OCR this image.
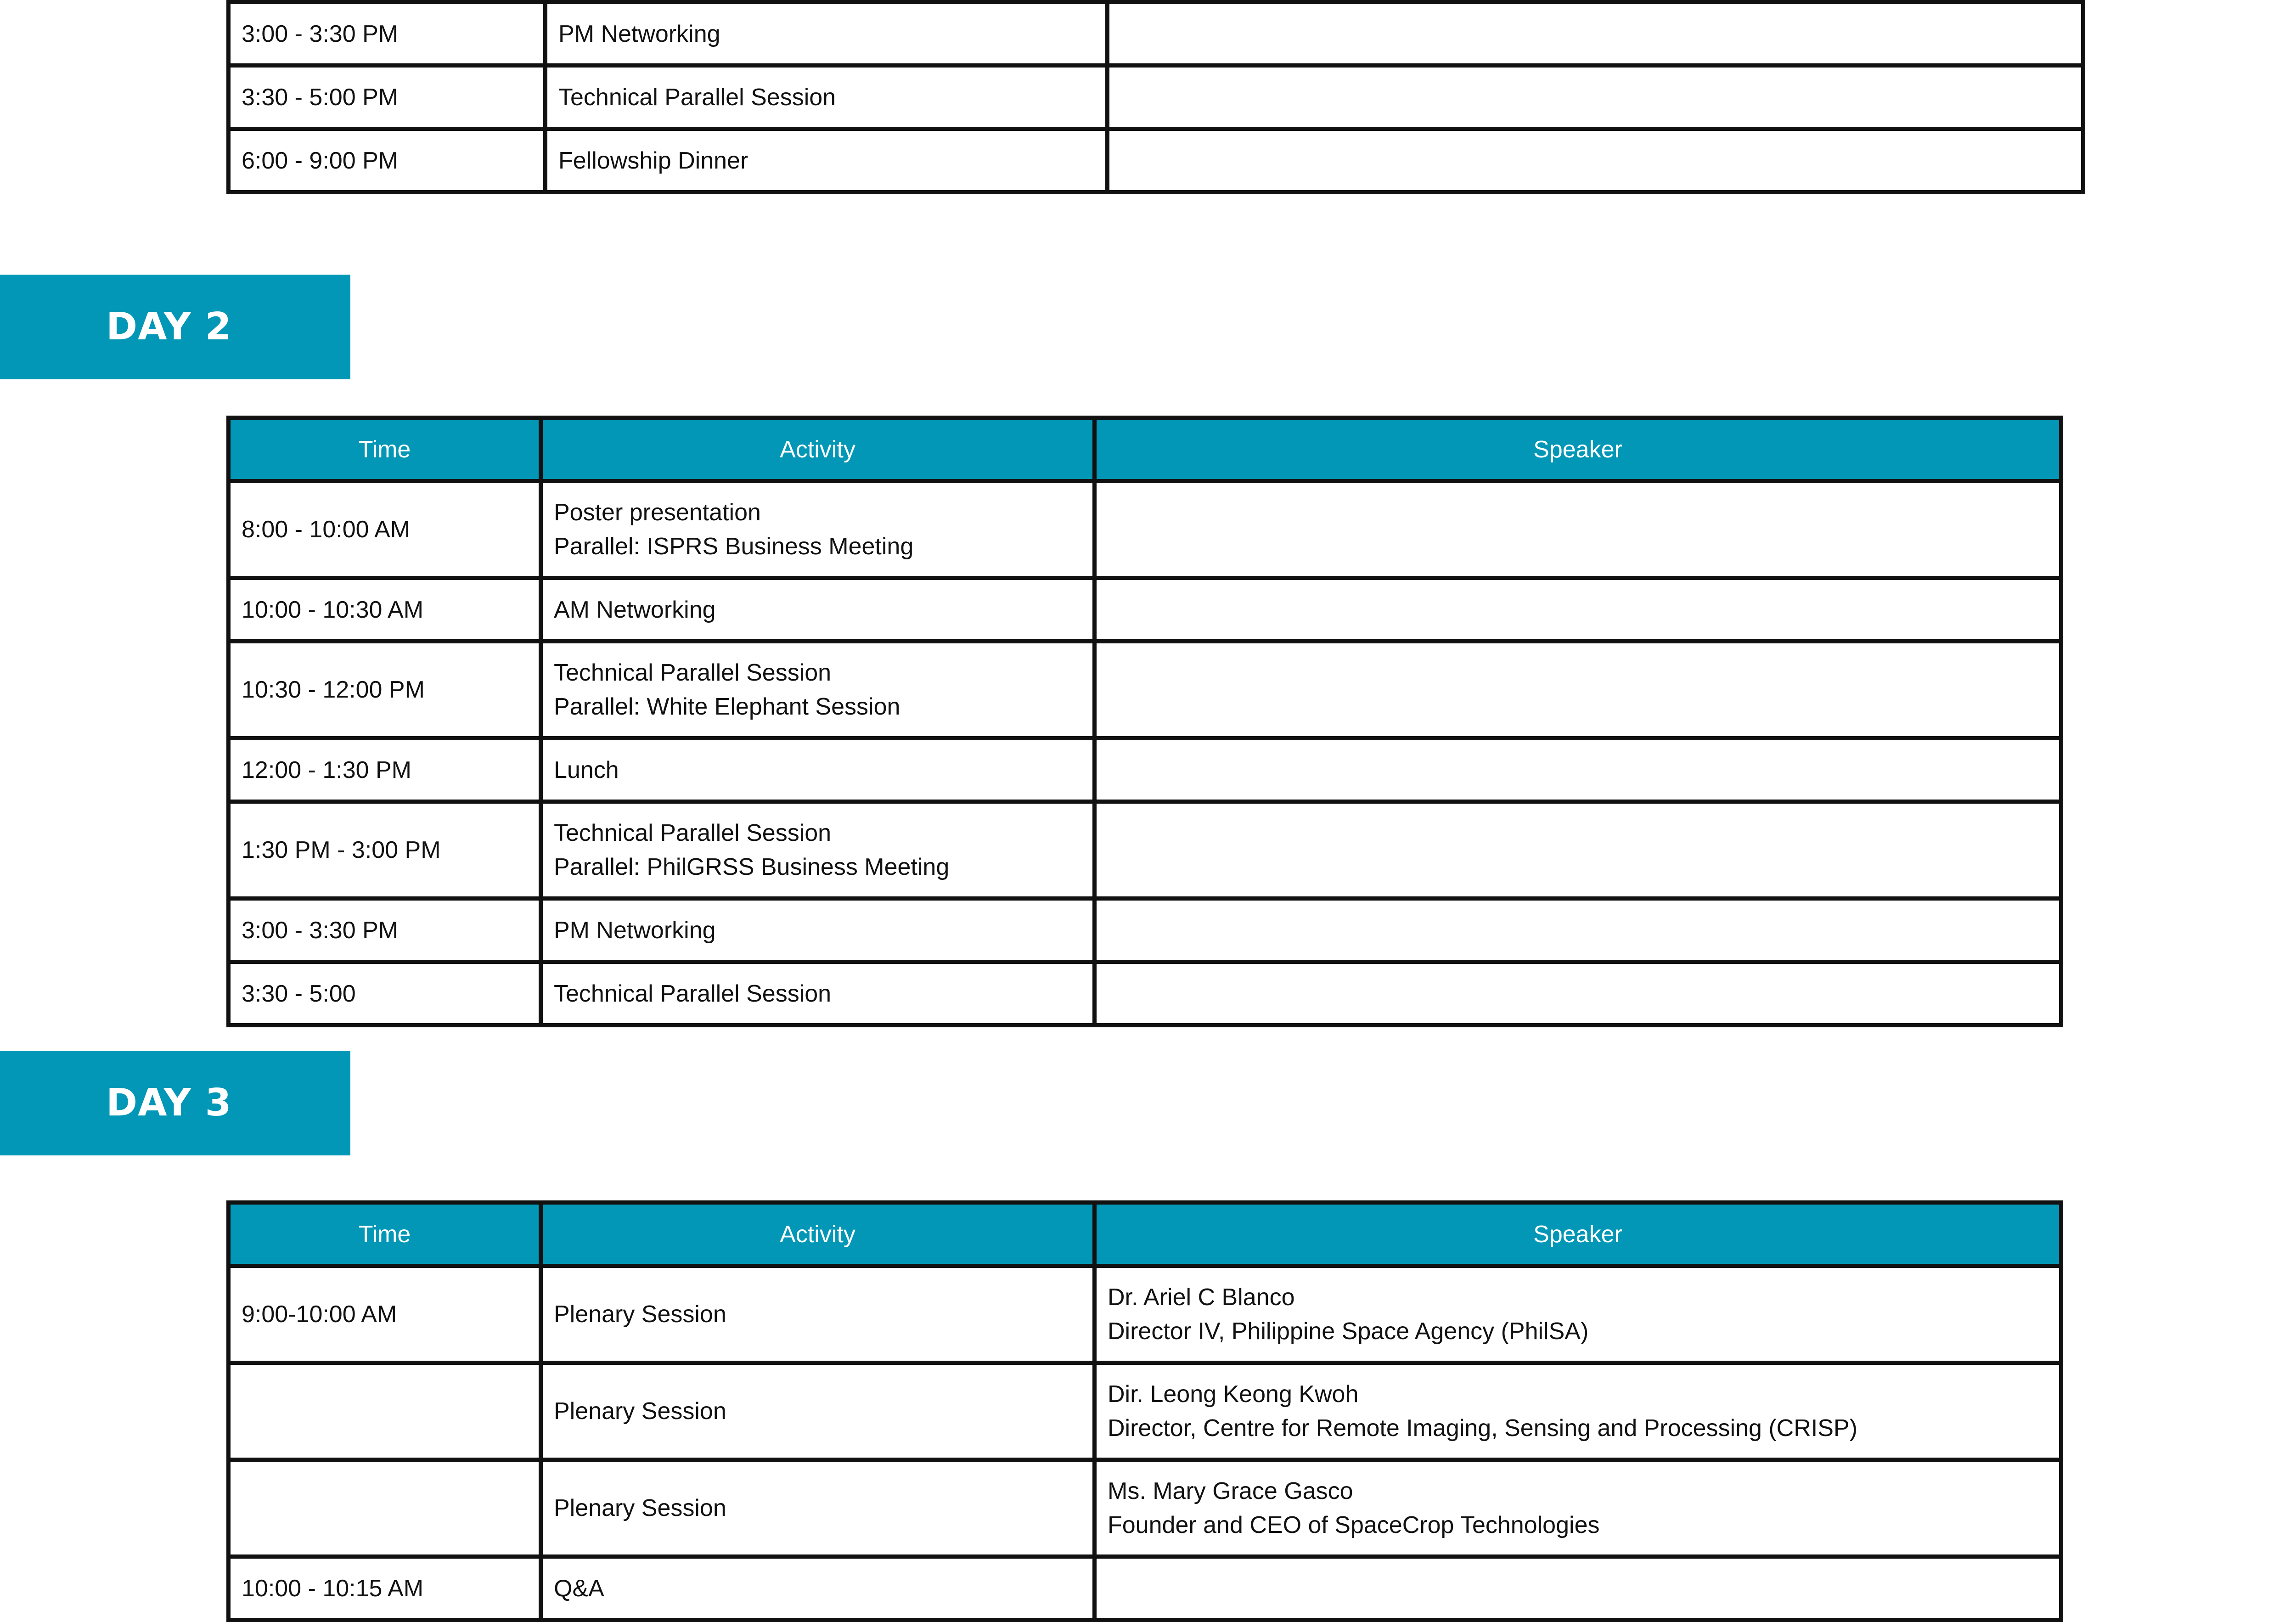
3:00 - 3:30 PM	PM Networking	

3:30 - 5:00 PM	Technical Parallel Session	

6:00 - 9:00 PM	Fellowship Dinner	

DAY 2
Time	Activity	Speaker
8:00 - 10:00 AM	Poster presentation
Parallel: ISPRS Business Meeting	

10:00 - 10:30 AM	AM Networking	

10:30 - 12:00 PM	Technical Parallel Session
Parallel: White Elephant Session	

12:00 - 1:30 PM	Lunch	

1:30 PM - 3:00 PM	Technical Parallel Session
Parallel: PhilGRSS Business Meeting	

3:00 - 3:30 PM	PM Networking	

3:30 - 5:00	Technical Parallel Session	

DAY 3
Time	Activity	Speaker
9:00-10:00 AM	Plenary Session	Dr. Ariel C Blanco
Director IV, Philippine Space Agency (PhilSA)

	Plenary Session	Dir. Leong Keong Kwoh
Director, Centre for Remote Imaging, Sensing and Processing (CRISP)

	Plenary Session	Ms. Mary Grace Gasco
Founder and CEO of SpaceCrop Technologies

10:00 - 10:15 AM	Q&A	
